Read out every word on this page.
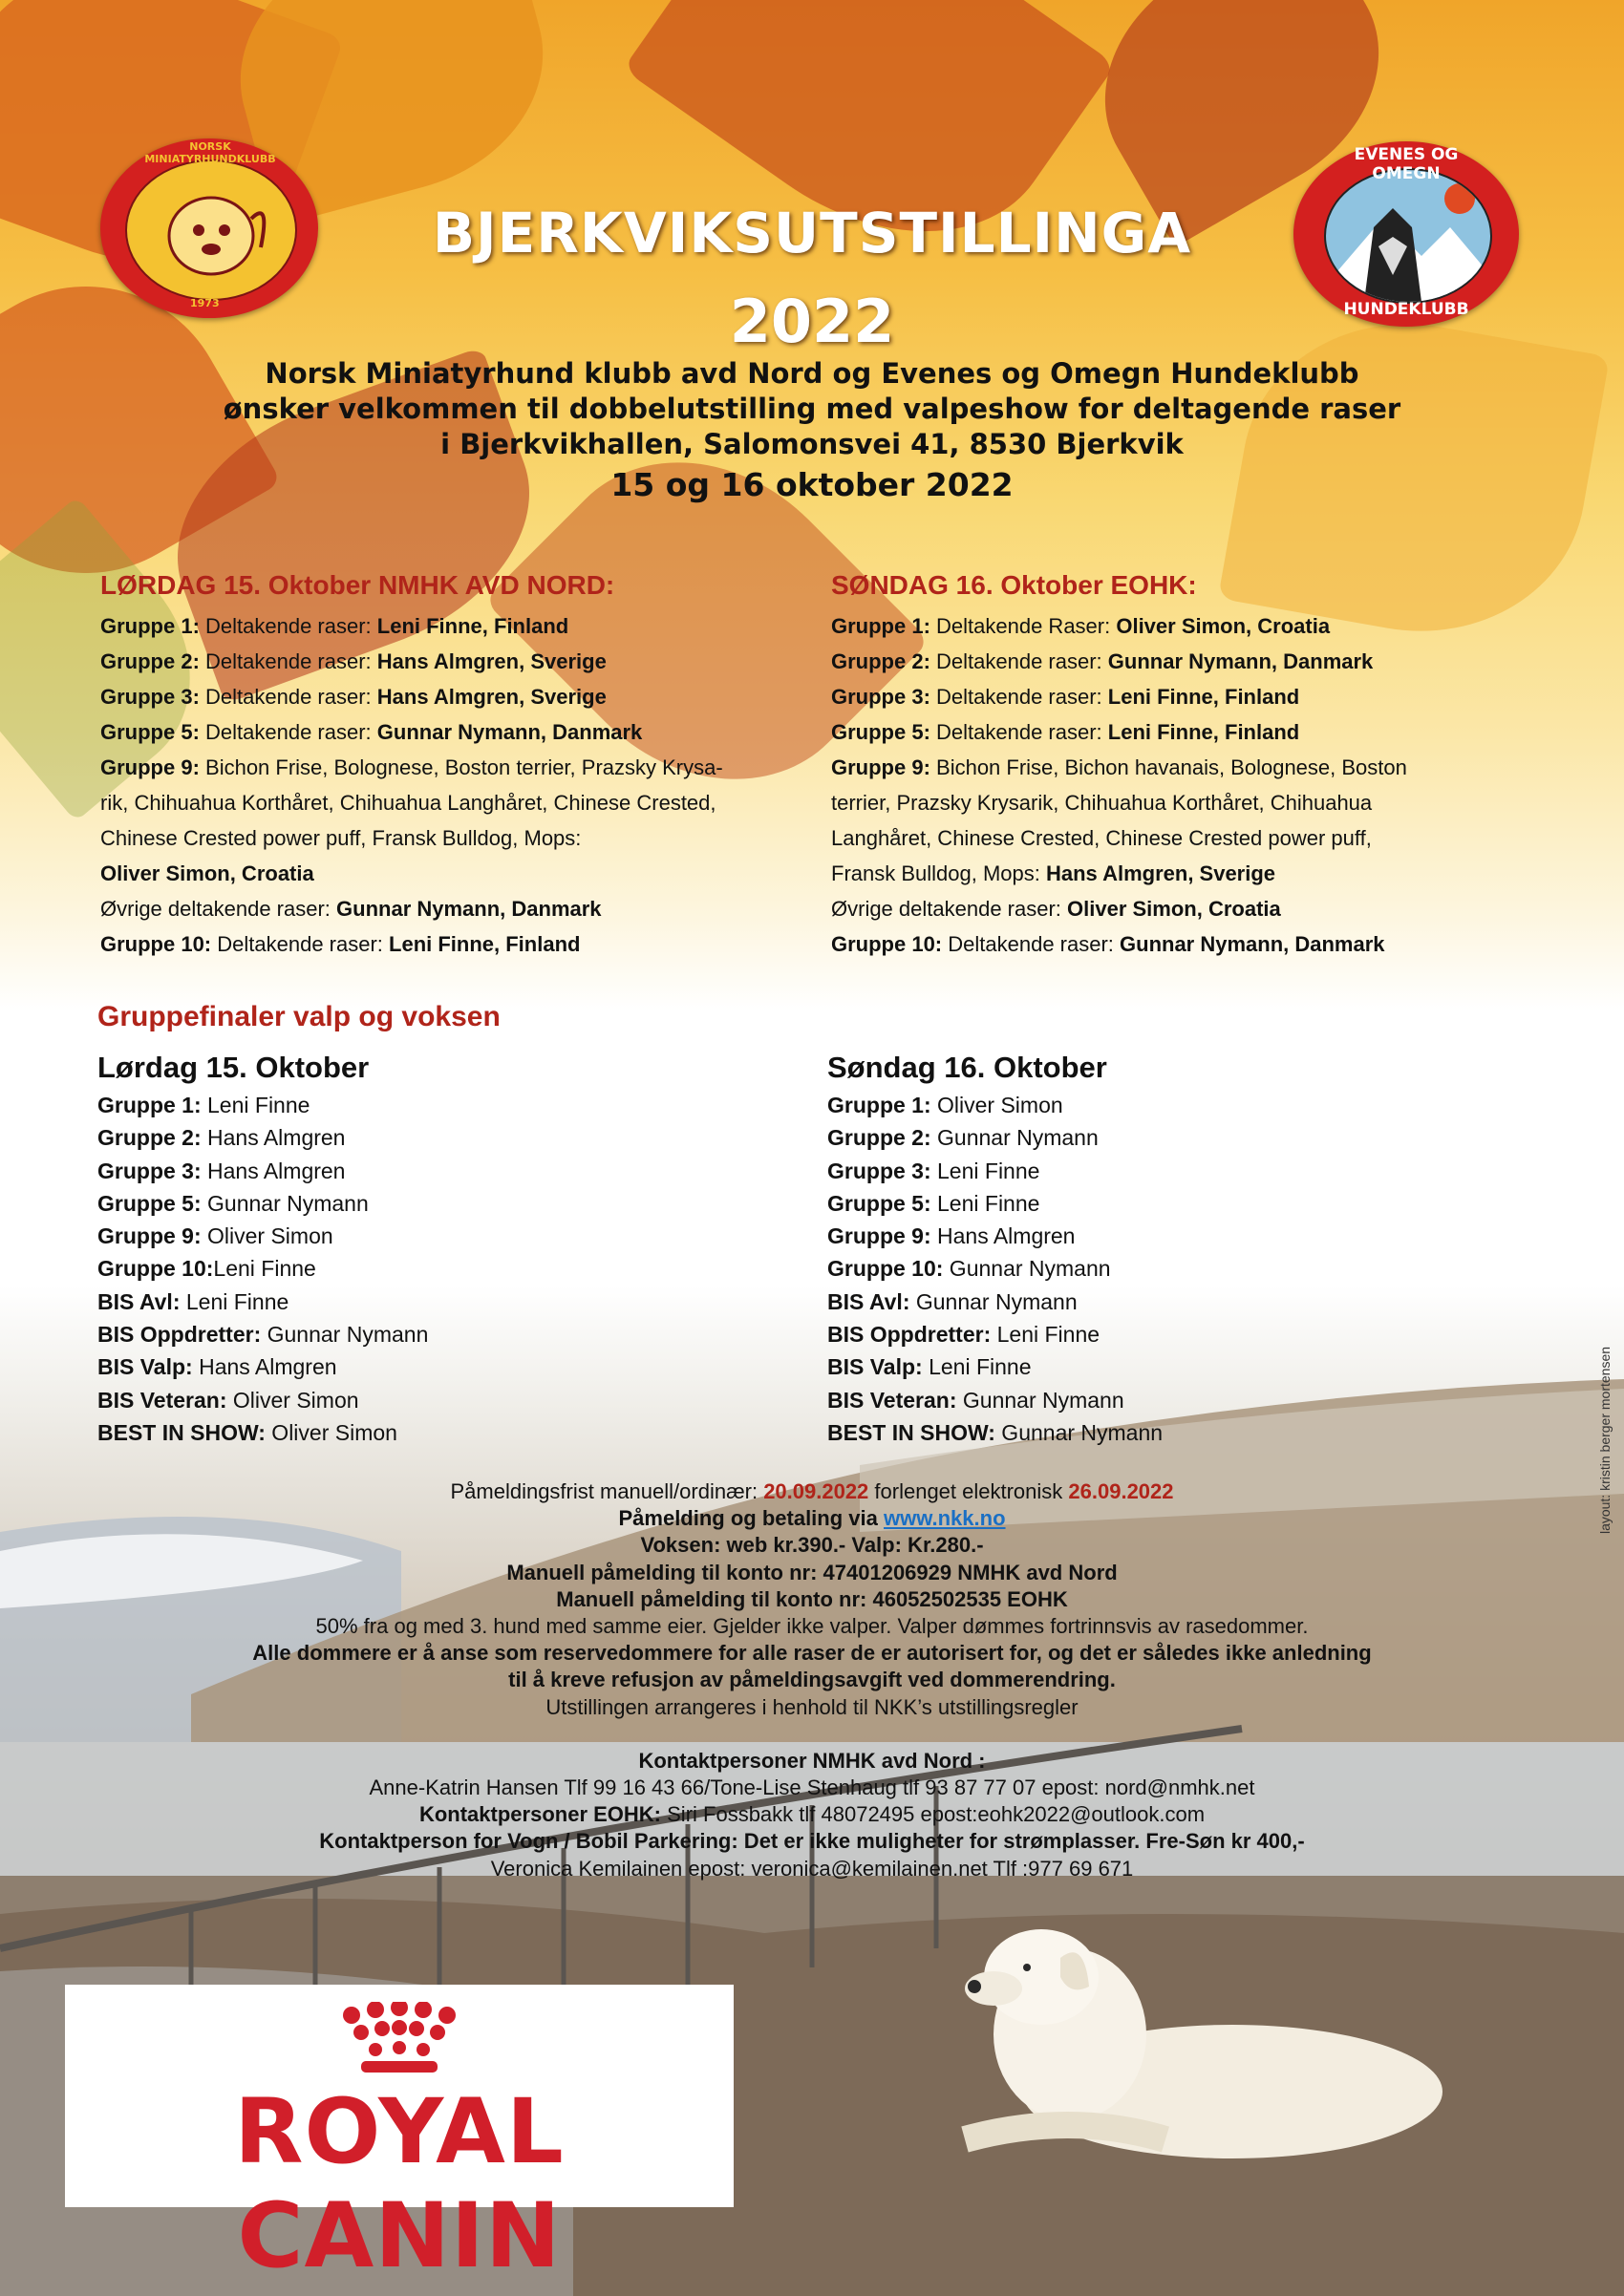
NORSK MINIATYRHUNDKLUBB
1973
EVENES OG OMEGN
HUNDEKLUBB
BJERKVIKSUTSTILLINGA
2022
Norsk Miniatyrhund klubb avd Nord og Evenes og Omegn Hundeklubb
ønsker velkommen til dobbelutstilling med valpeshow for deltagende raser
i Bjerkvikhallen, Salomonsvei 41, 8530 Bjerkvik
15 og 16 oktober 2022
LØRDAG 15. Oktober NMHK AVD NORD:

Gruppe 1: Deltakende raser: Leni Finne, Finland

Gruppe 2: Deltakende raser: Hans Almgren, Sverige

Gruppe 3: Deltakende raser: Hans Almgren, Sverige

Gruppe 5: Deltakende raser: Gunnar Nymann, Danmark

Gruppe 9: Bichon Frise, Bolognese, Boston terrier, Prazsky Krysa-

rik, Chihuahua Korthåret, Chihuahua Langhåret, Chinese Crested,

Chinese Crested power puff, Fransk Bulldog, Mops:

Oliver Simon, Croatia

Øvrige deltakende raser: Gunnar Nymann, Danmark

Gruppe 10: Deltakende raser: Leni Finne, Finland

SØNDAG 16. Oktober EOHK:

Gruppe 1: Deltakende Raser: Oliver Simon, Croatia

Gruppe 2: Deltakende raser: Gunnar Nymann, Danmark

Gruppe 3: Deltakende raser: Leni Finne, Finland

Gruppe 5: Deltakende raser: Leni Finne, Finland

Gruppe 9: Bichon Frise, Bichon havanais, Bolognese, Boston

terrier, Prazsky Krysarik, Chihuahua Korthåret, Chihuahua

Langhåret, Chinese Crested, Chinese Crested power puff,

Fransk Bulldog, Mops: Hans Almgren, Sverige

Øvrige deltakende raser: Oliver Simon, Croatia

Gruppe 10: Deltakende raser: Gunnar Nymann, Danmark

Gruppefinaler valp og voksen
Lørdag 15. Oktober	Søndag 16. Oktober

Gruppe 1: Leni Finne

Gruppe 2: Hans Almgren

Gruppe 3: Hans Almgren

Gruppe 5: Gunnar Nymann

Gruppe 9: Oliver Simon

Gruppe 10:Leni Finne

BIS Avl: Leni Finne

BIS Oppdretter: Gunnar Nymann

BIS Valp: Hans Almgren

BIS Veteran: Oliver Simon

BEST IN SHOW: Oliver Simon

Gruppe 1: Oliver Simon

Gruppe 2: Gunnar Nymann

Gruppe 3: Leni Finne

Gruppe 5: Leni Finne

Gruppe 9: Hans Almgren

Gruppe 10: Gunnar Nymann

BIS Avl: Gunnar Nymann

BIS Oppdretter: Leni Finne

BIS Valp: Leni Finne

BIS Veteran: Gunnar Nymann

BEST IN SHOW: Gunnar Nymann

Påmeldingsfrist manuell/ordinær: 20.09.2022 forlenget elektronisk 26.09.2022

Påmelding og betaling via www.nkk.no

Voksen: web kr.390.- Valp: Kr.280.-

Manuell påmelding til konto nr: 47401206929 NMHK avd Nord

Manuell påmelding til konto nr: 46052502535 EOHK

50% fra og med 3. hund med samme eier. Gjelder ikke valper. Valper dømmes fortrinnsvis av rasedommer.

Alle dommere er å anse som reservedommere for alle raser de er autorisert for, og det er således ikke anledning

til å kreve refusjon av påmeldingsavgift ved dommerendring.

Utstillingen arrangeres i henhold til NKK’s utstillingsregler

Kontaktpersoner NMHK avd Nord :

Anne-Katrin Hansen Tlf 99 16 43 66/Tone-Lise Stenhaug tlf 93 87 77 07 epost: nord@nmhk.net

Kontaktpersoner EOHK: Siri Fossbakk tlf 48072495 epost:eohk2022@outlook.com

Kontaktperson for Vogn / Bobil Parkering: Det er ikke muligheter for strømplasser. Fre-Søn kr 400,-

Veronica Kemilainen epost: veronica@kemilainen.net Tlf :977 69 671

layout: kristin berger mortensen
ROYAL CANIN
